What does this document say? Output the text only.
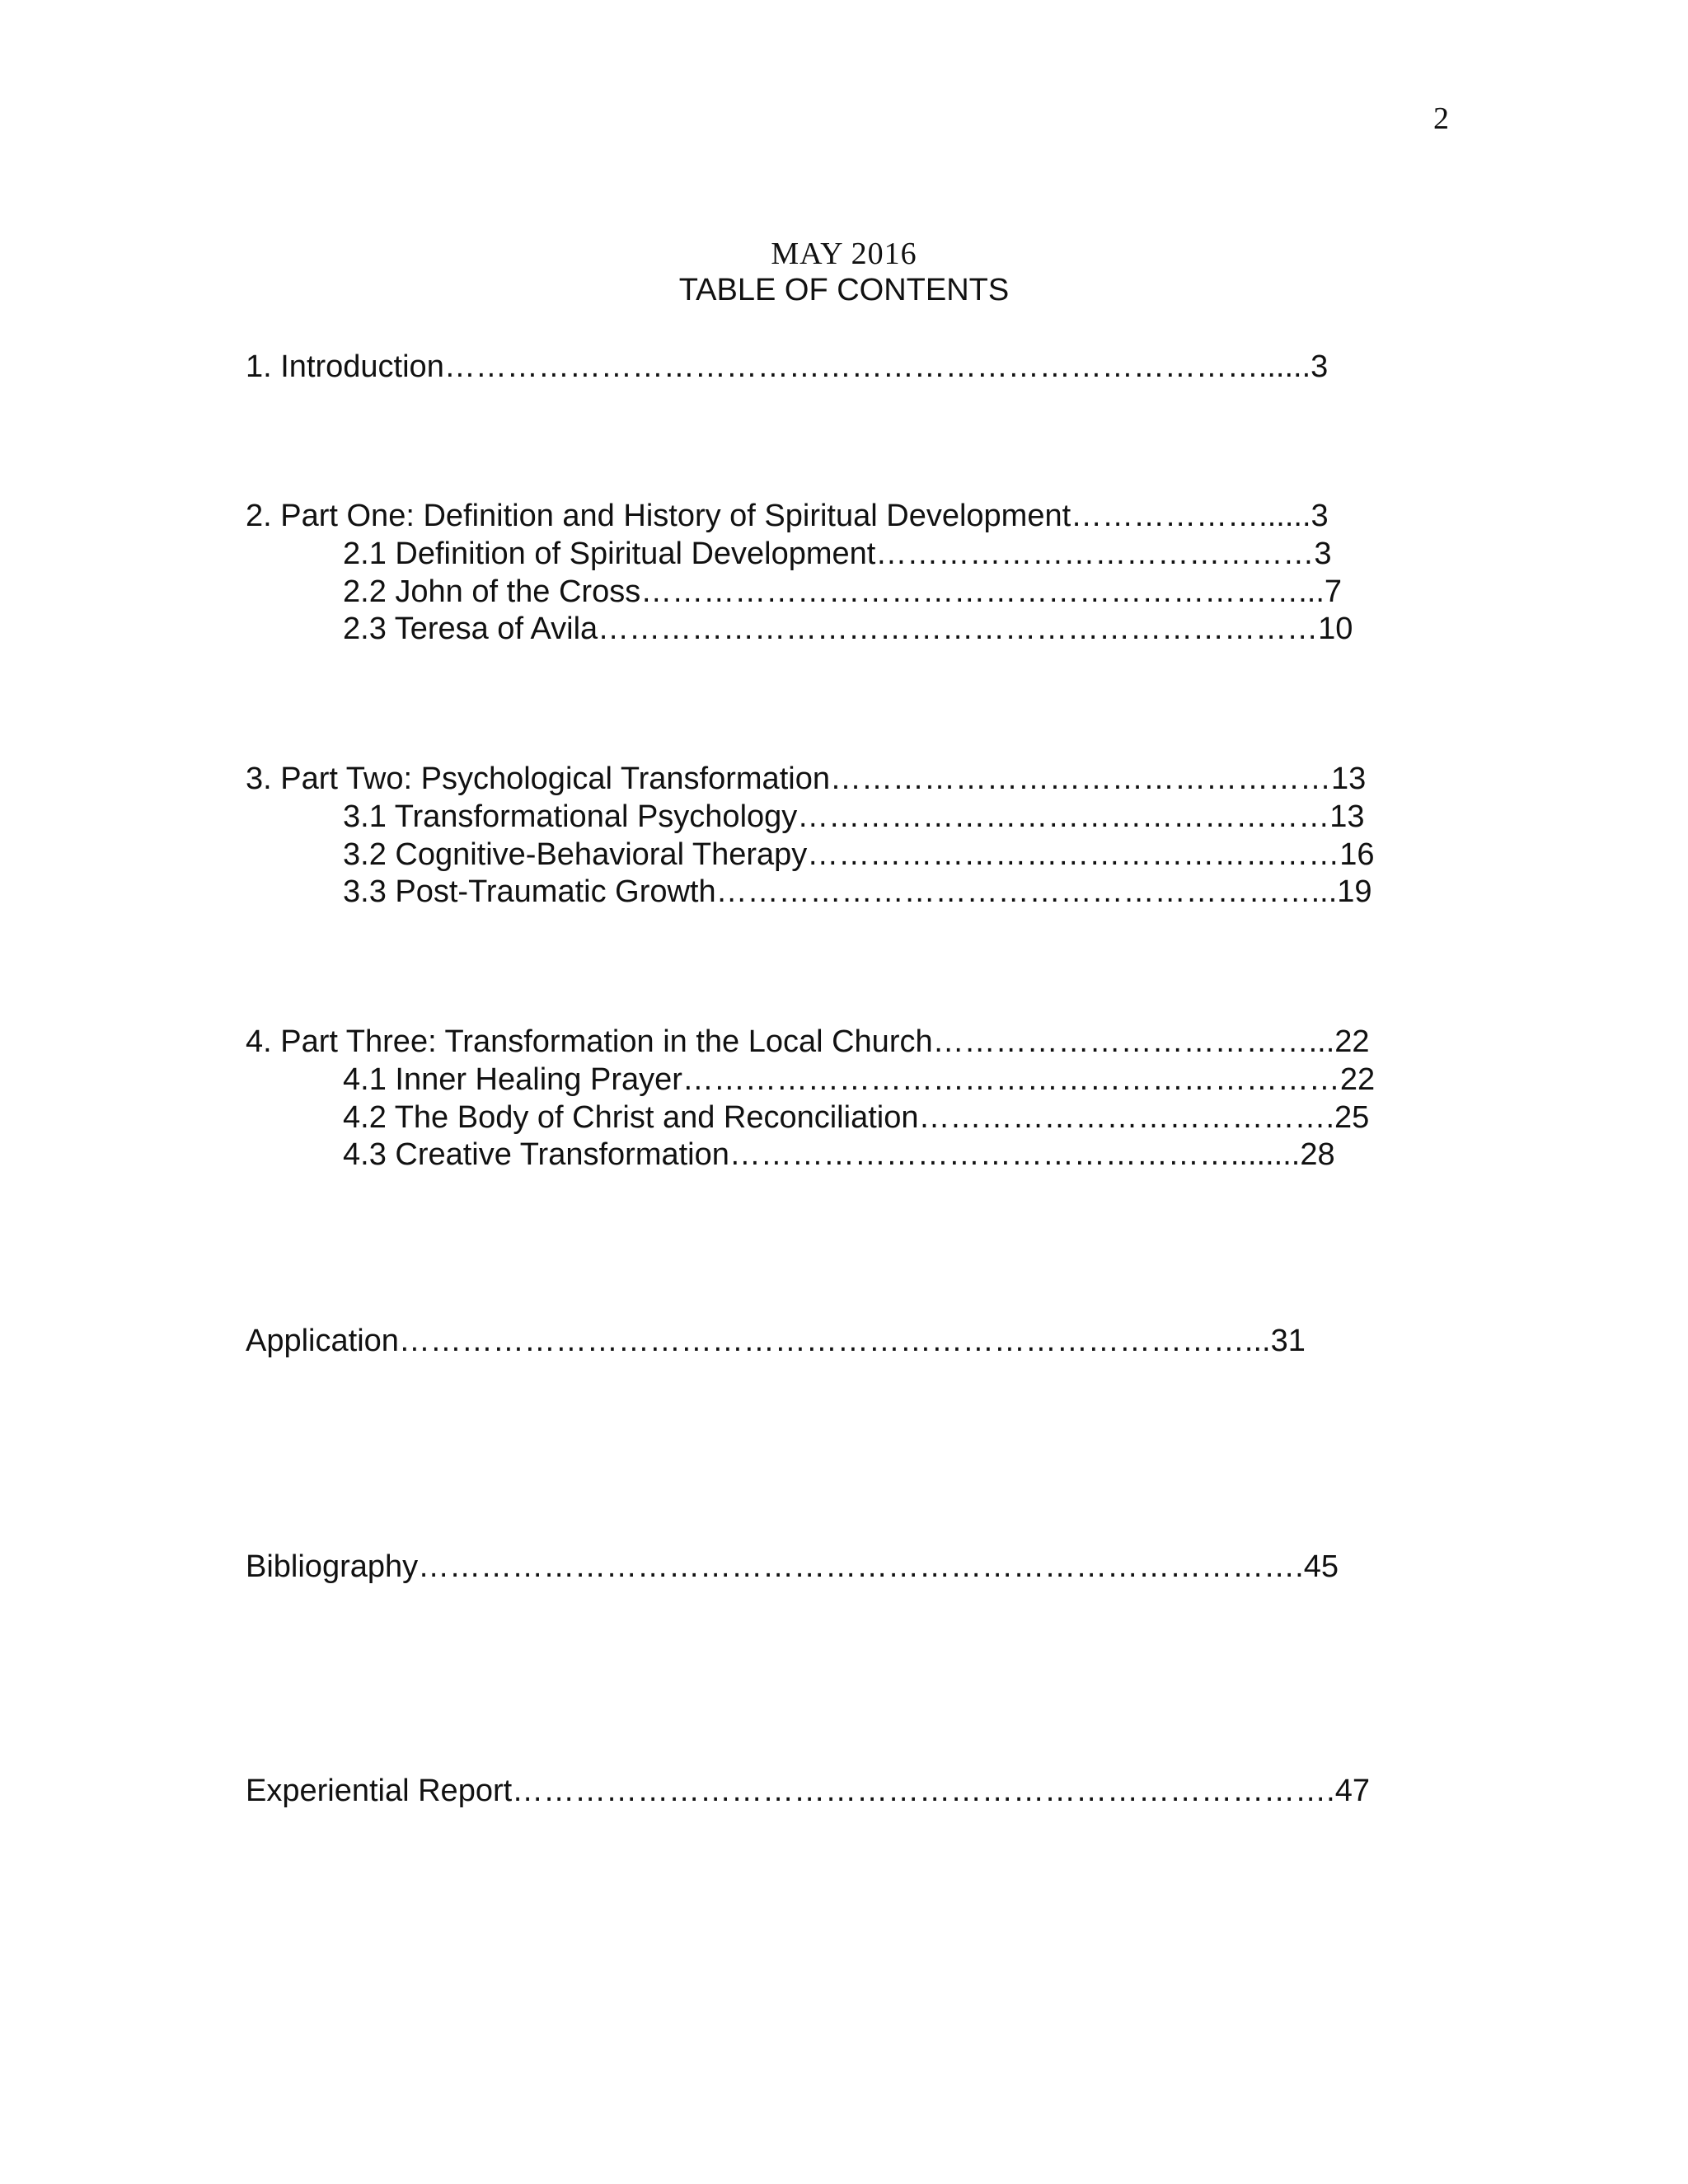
2
MAY 2016
TABLE OF CONTENTS
1. Introduction……………………………………………………………………......3
2. Part One: Definition and History of Spiritual Development………………......3
2.1 Definition of Spiritual Development……………………………………3
2.2 John of the Cross………………………………………………………...7
2.3 Teresa of Avila……………………………………………………………10
3. Part Two: Psychological Transformation…………………………………………13
3.1 Transformational Psychology……………………………………………13
3.2 Cognitive-Behavioral Therapy……………………………………………16
3.3 Post-Traumatic Growth…………………………………………………...19
4. Part Three: Transformation in the Local Church………………………………...22
4.1 Inner Healing Prayer………………………………………………………22
4.2 The Body of Christ and Reconciliation………………………………….25
4.3 Creative Transformation…………………………………………........28
Application………………………………………………………………………...31
Bibliography………………………………………………………………………….45
Experiential Report…………………………………………………………………….47
